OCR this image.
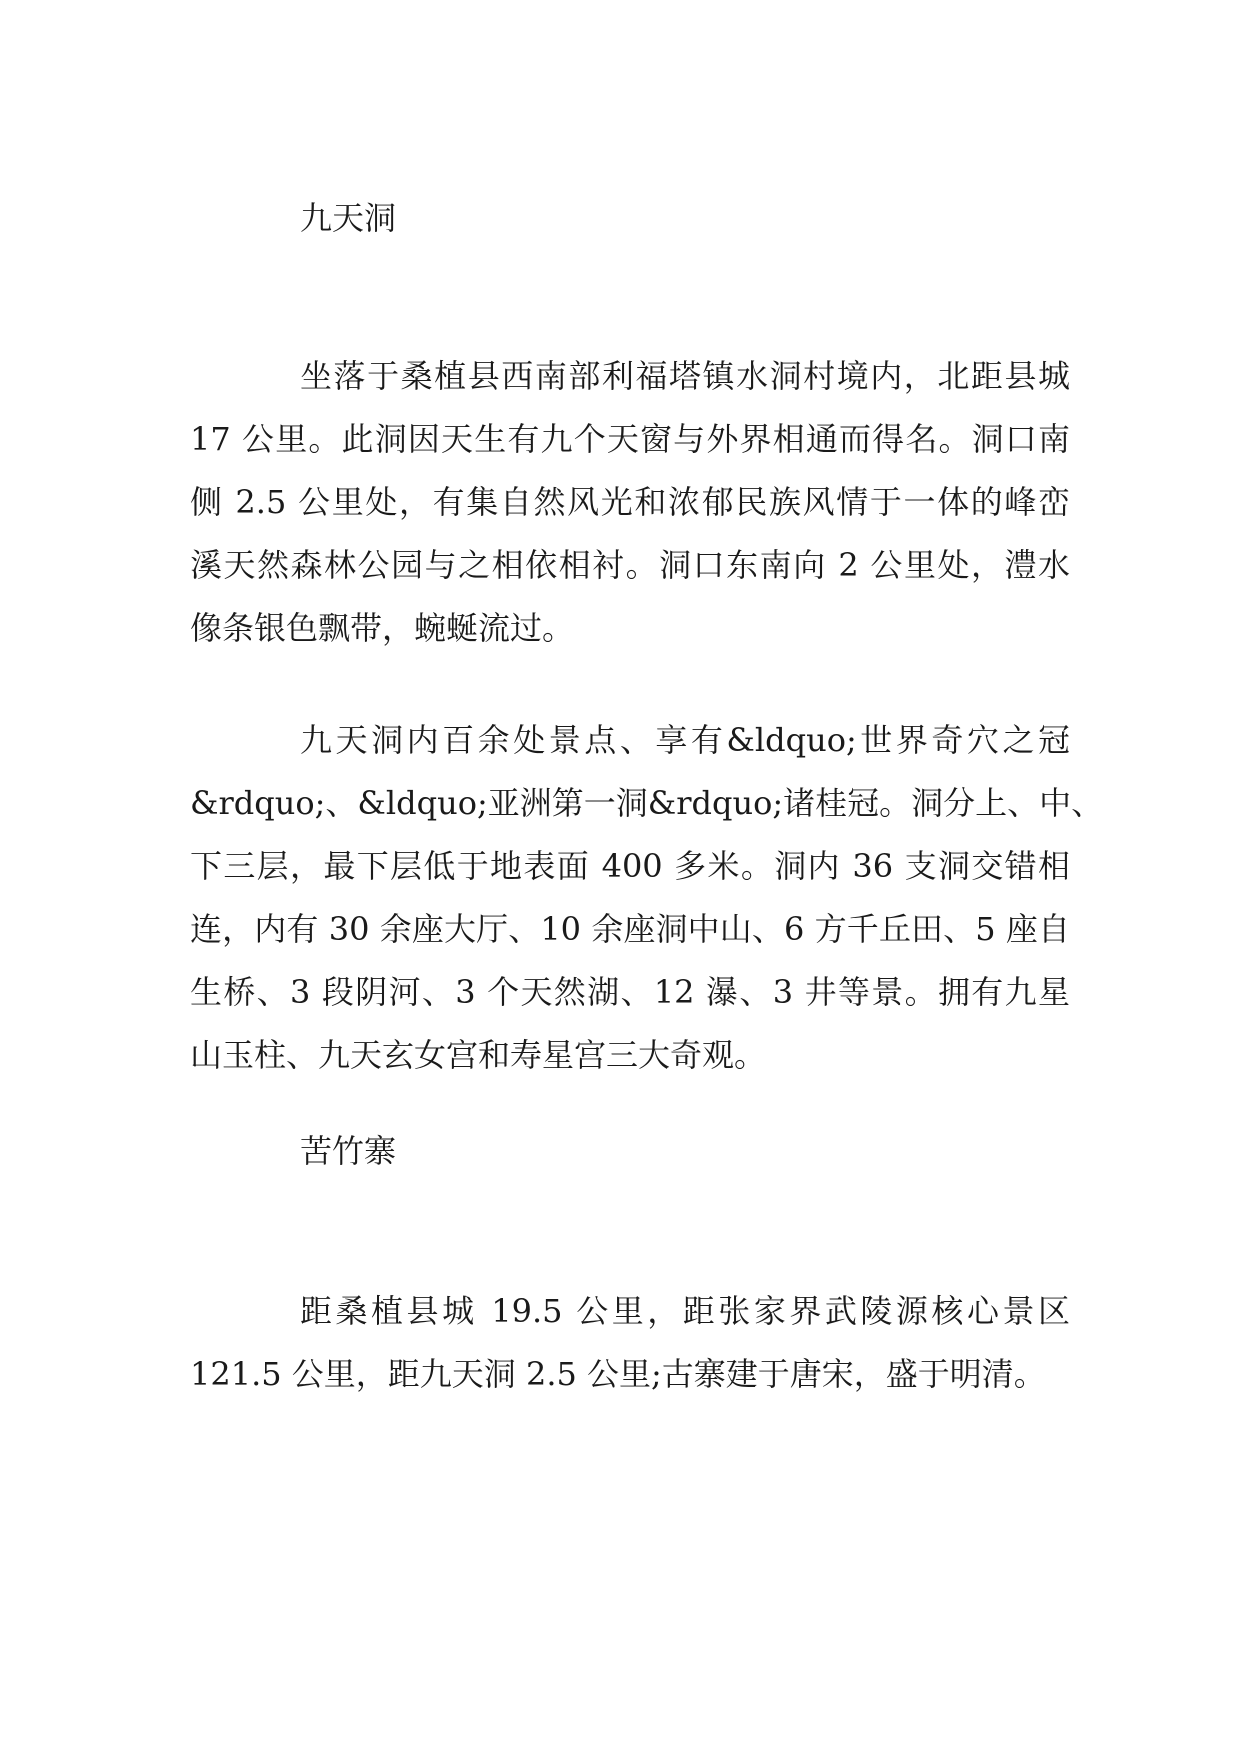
九天洞
坐落于桑植县西南部利福塔镇水洞村境内，北距县城
17 公里。此洞因天生有九个天窗与外界相通而得名。洞口南
侧 2.5 公里处，有集自然风光和浓郁民族风情于一体的峰峦
溪天然森林公园与之相依相衬。洞口东南向 2 公里处，澧水
像条银色飘带，蜿蜒流过。
九天洞内百余处景点、享有&ldquo;世界奇穴之冠
&rdquo;、&ldquo;亚洲第一洞&rdquo;诸桂冠。洞分上、中、
下三层，最下层低于地表面 400 多米。洞内 36 支洞交错相
连，内有 30 余座大厅、10 余座洞中山、6 方千丘田、5 座自
生桥、3 段阴河、3 个天然湖、12 瀑、3 井等景。拥有九星
山玉柱、九天玄女宫和寿星宫三大奇观。
苦竹寨
距桑植县城 19.5 公里，距张家界武陵源核心景区
121.5 公里，距九天洞 2.5 公里;古寨建于唐宋，盛于明清。
